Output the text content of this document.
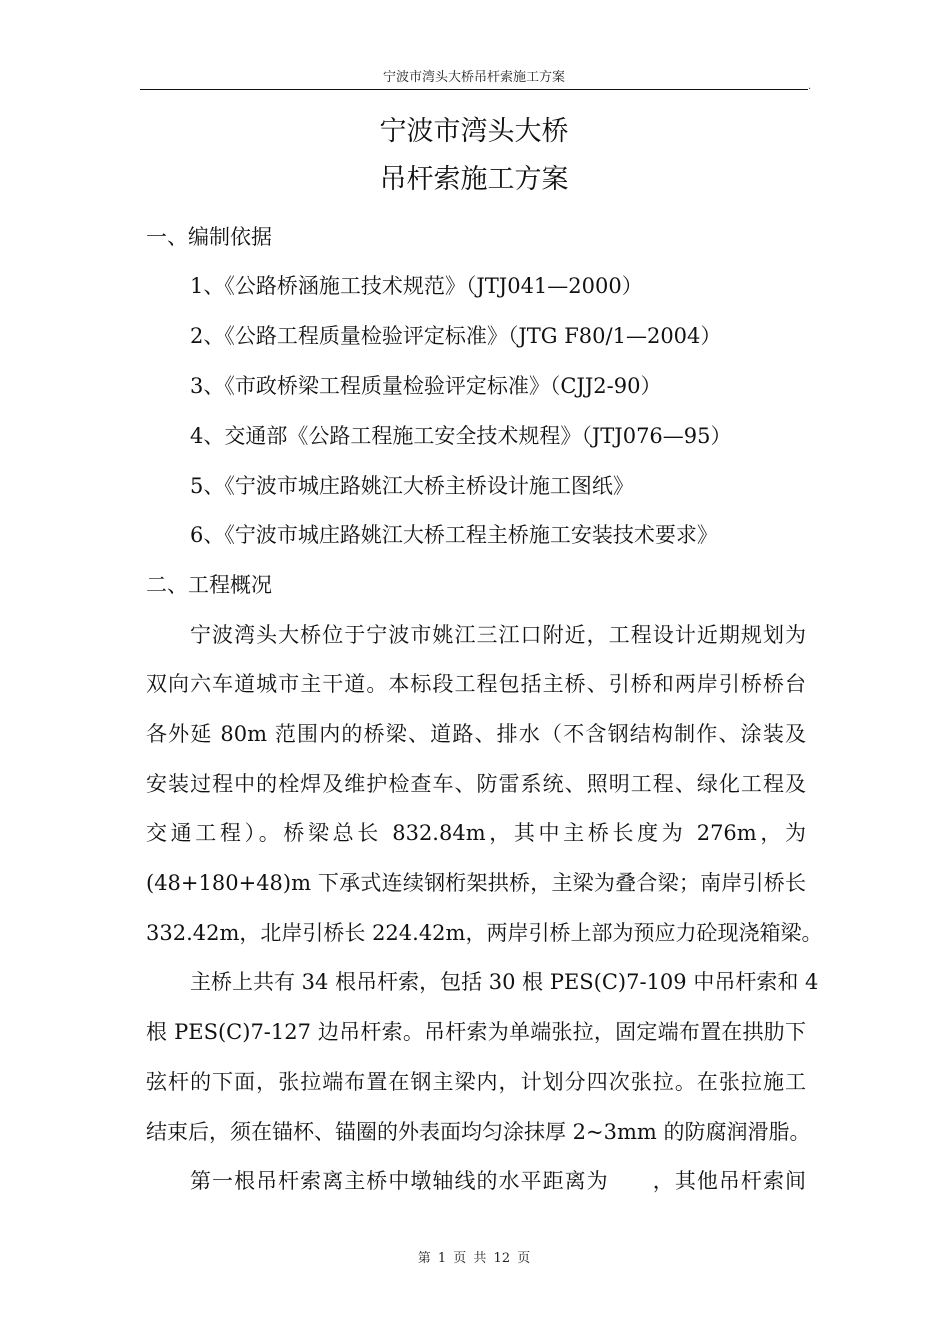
宁波市湾头大桥吊杆索施工方案
.
宁波市湾头大桥
吊杆索施工方案
一、编制依据
1、《公路桥涵施工技术规范》（JTJ041—2000）
2、《公路工程质量检验评定标准》（JTG F80/1—2004）
3、《市政桥梁工程质量检验评定标准》（CJJ2-90）
4、交通部《公路工程施工安全技术规程》（JTJ076—95）
5、《宁波市城庄路姚江大桥主桥设计施工图纸》
6、《宁波市城庄路姚江大桥工程主桥施工安装技术要求》
二、工程概况
宁波湾头大桥位于宁波市姚江三江口附近，工程设计近期规划为
双向六车道城市主干道。本标段工程包括主桥、引桥和两岸引桥桥台
各外延 80m 范围内的桥梁、道路、排水（不含钢结构制作、涂装及
安装过程中的栓焊及维护检查车、防雷系统、照明工程、绿化工程及
交通工程）。桥梁总长 832.84m，其中主桥长度为 276m，为
(48+180+48)m 下承式连续钢桁架拱桥，主梁为叠合梁；南岸引桥长
332.42m，北岸引桥长 224.42m，两岸引桥上部为预应力砼现浇箱梁。
主桥上共有 34 根吊杆索，包括 30 根 PES(C)7-109 中吊杆索和 4
根 PES(C)7-127 边吊杆索。吊杆索为单端张拉，固定端布置在拱肋下
弦杆的下面，张拉端布置在钢主梁内，计划分四次张拉。在张拉施工
结束后，须在锚杯、锚圈的外表面均匀涂抹厚 2~3mm 的防腐润滑脂。
第一根吊杆索离主桥中墩轴线的水平距离为　　，其他吊杆索间
第 1 页 共 12 页
